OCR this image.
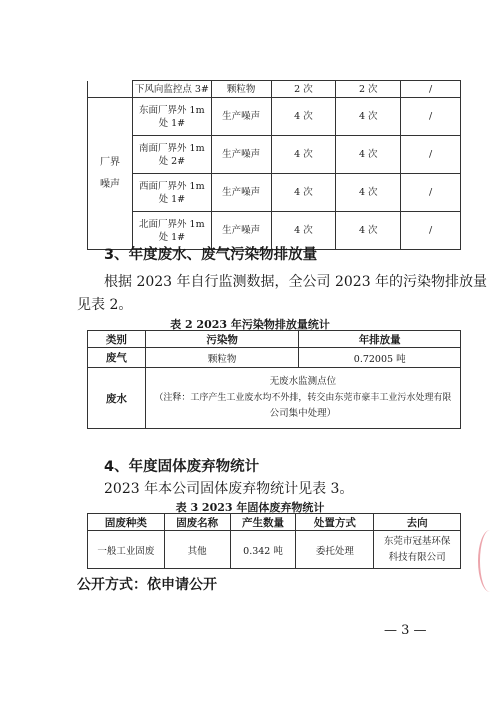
	下风向监控点 3#	颗粒物	2 次	2 次	/

厂界噪声	东面厂界外 1m 处 1#	生产噪声	4 次	4 次	/
	南面厂界外 1m 处 2#	生产噪声	4 次	4 次	/
	西面厂界外 1m 处 1#	生产噪声	4 次	4 次	/
	北面厂界外 1m 处 1#	生产噪声	4 次	4 次	/
3、年度废水、废气污染物排放量
根据 2023 年自行监测数据，全公司 2023 年的污染物排放量
见表 2。
表 2 2023 年污染物排放量统计
类别	污染物	年排放量
废气	颗粒物	0.72005 吨
废水	无废水监测点位
（注释：工序产生工业废水均不外排，转交由东莞市豪丰工业污水处理有限
公司集中处理）	
4、年度固体废弃物统计
2023 年本公司固体废弃物统计见表 3。
表 3 2023 年固体废弃物统计
固废种类	固废名称	产生数量	处置方式	去向
一般工业固废	其他	0.342 吨	委托处理	东莞市冠基环保
科技有限公司
公开方式：依申请公开
— 3 —
